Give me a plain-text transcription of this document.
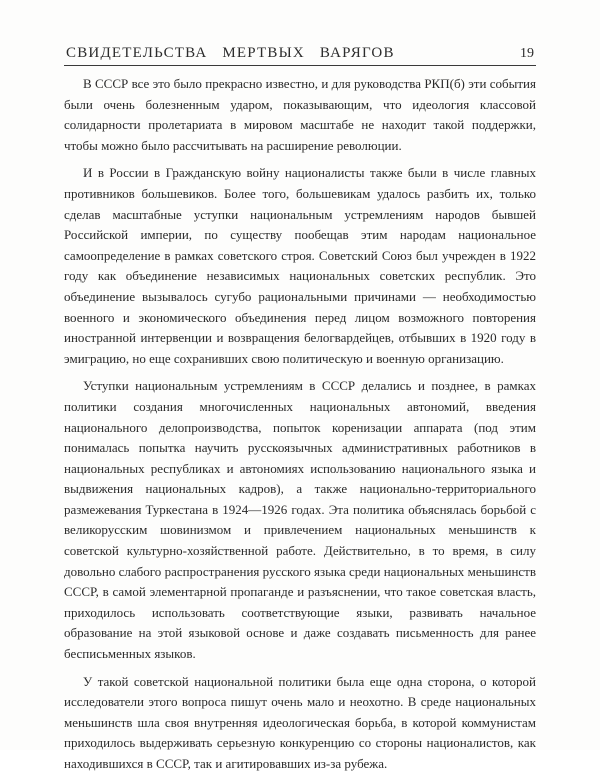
СВИДЕТЕЛЬСТВА МЕРТВЫХ ВАРЯГОВ	19

В СССР все это было прекрасно известно, и для руководства РКП(б) эти события были очень болезненным ударом, показывающим, что идеология классовой солидарности пролетариата в мировом масштабе не находит такой поддержки, чтобы можно было рассчитывать на расширение революции.

И в России в Гражданскую войну националисты также были в числе главных противников большевиков. Более того, большевикам удалось разбить их, только сделав масштабные уступки национальным устремлениям народов бывшей Российской империи, по существу пообещав этим народам национальное самоопределение в рамках советского строя. Советский Союз был учрежден в 1922 году как объединение независимых национальных советских республик. Это объединение вызывалось сугубо рациональными причинами — необходимостью военного и экономического объединения перед лицом возможного повторения иностранной интервенции и возвращения белогвардейцев, отбывших в 1920 году в эмиграцию, но еще сохранивших свою политическую и военную организацию.

Уступки национальным устремлениям в СССР делались и позднее, в рамках политики создания многочисленных национальных автономий, введения национального делопроизводства, попыток коренизации аппарата (под этим понималась попытка научить русскоязычных административных работников в национальных республиках и автономиях использованию национального языка и выдвижения национальных кадров), а также национально-территориального размежевания Туркестана в 1924—1926 годах. Эта политика объяснялась борьбой с великорусским шовинизмом и привлечением национальных меньшинств к советской культурно-хозяйственной работе. Действительно, в то время, в силу довольно слабого распространения русского языка среди национальных меньшинств СССР, в самой элементарной пропаганде и разъяснении, что такое советская власть, приходилось использовать соответствующие языки, развивать начальное образование на этой языковой основе и даже создавать письменность для ранее бесписьменных языков.

У такой советской национальной политики была еще одна сторона, о которой исследователи этого вопроса пишут очень мало и неохотно. В среде национальных меньшинств шла своя внутренняя идеологическая борьба, в которой коммунистам приходилось выдерживать серьезную конкуренцию со стороны националистов, как находившихся в СССР, так и агитировавших из-за рубежа.
